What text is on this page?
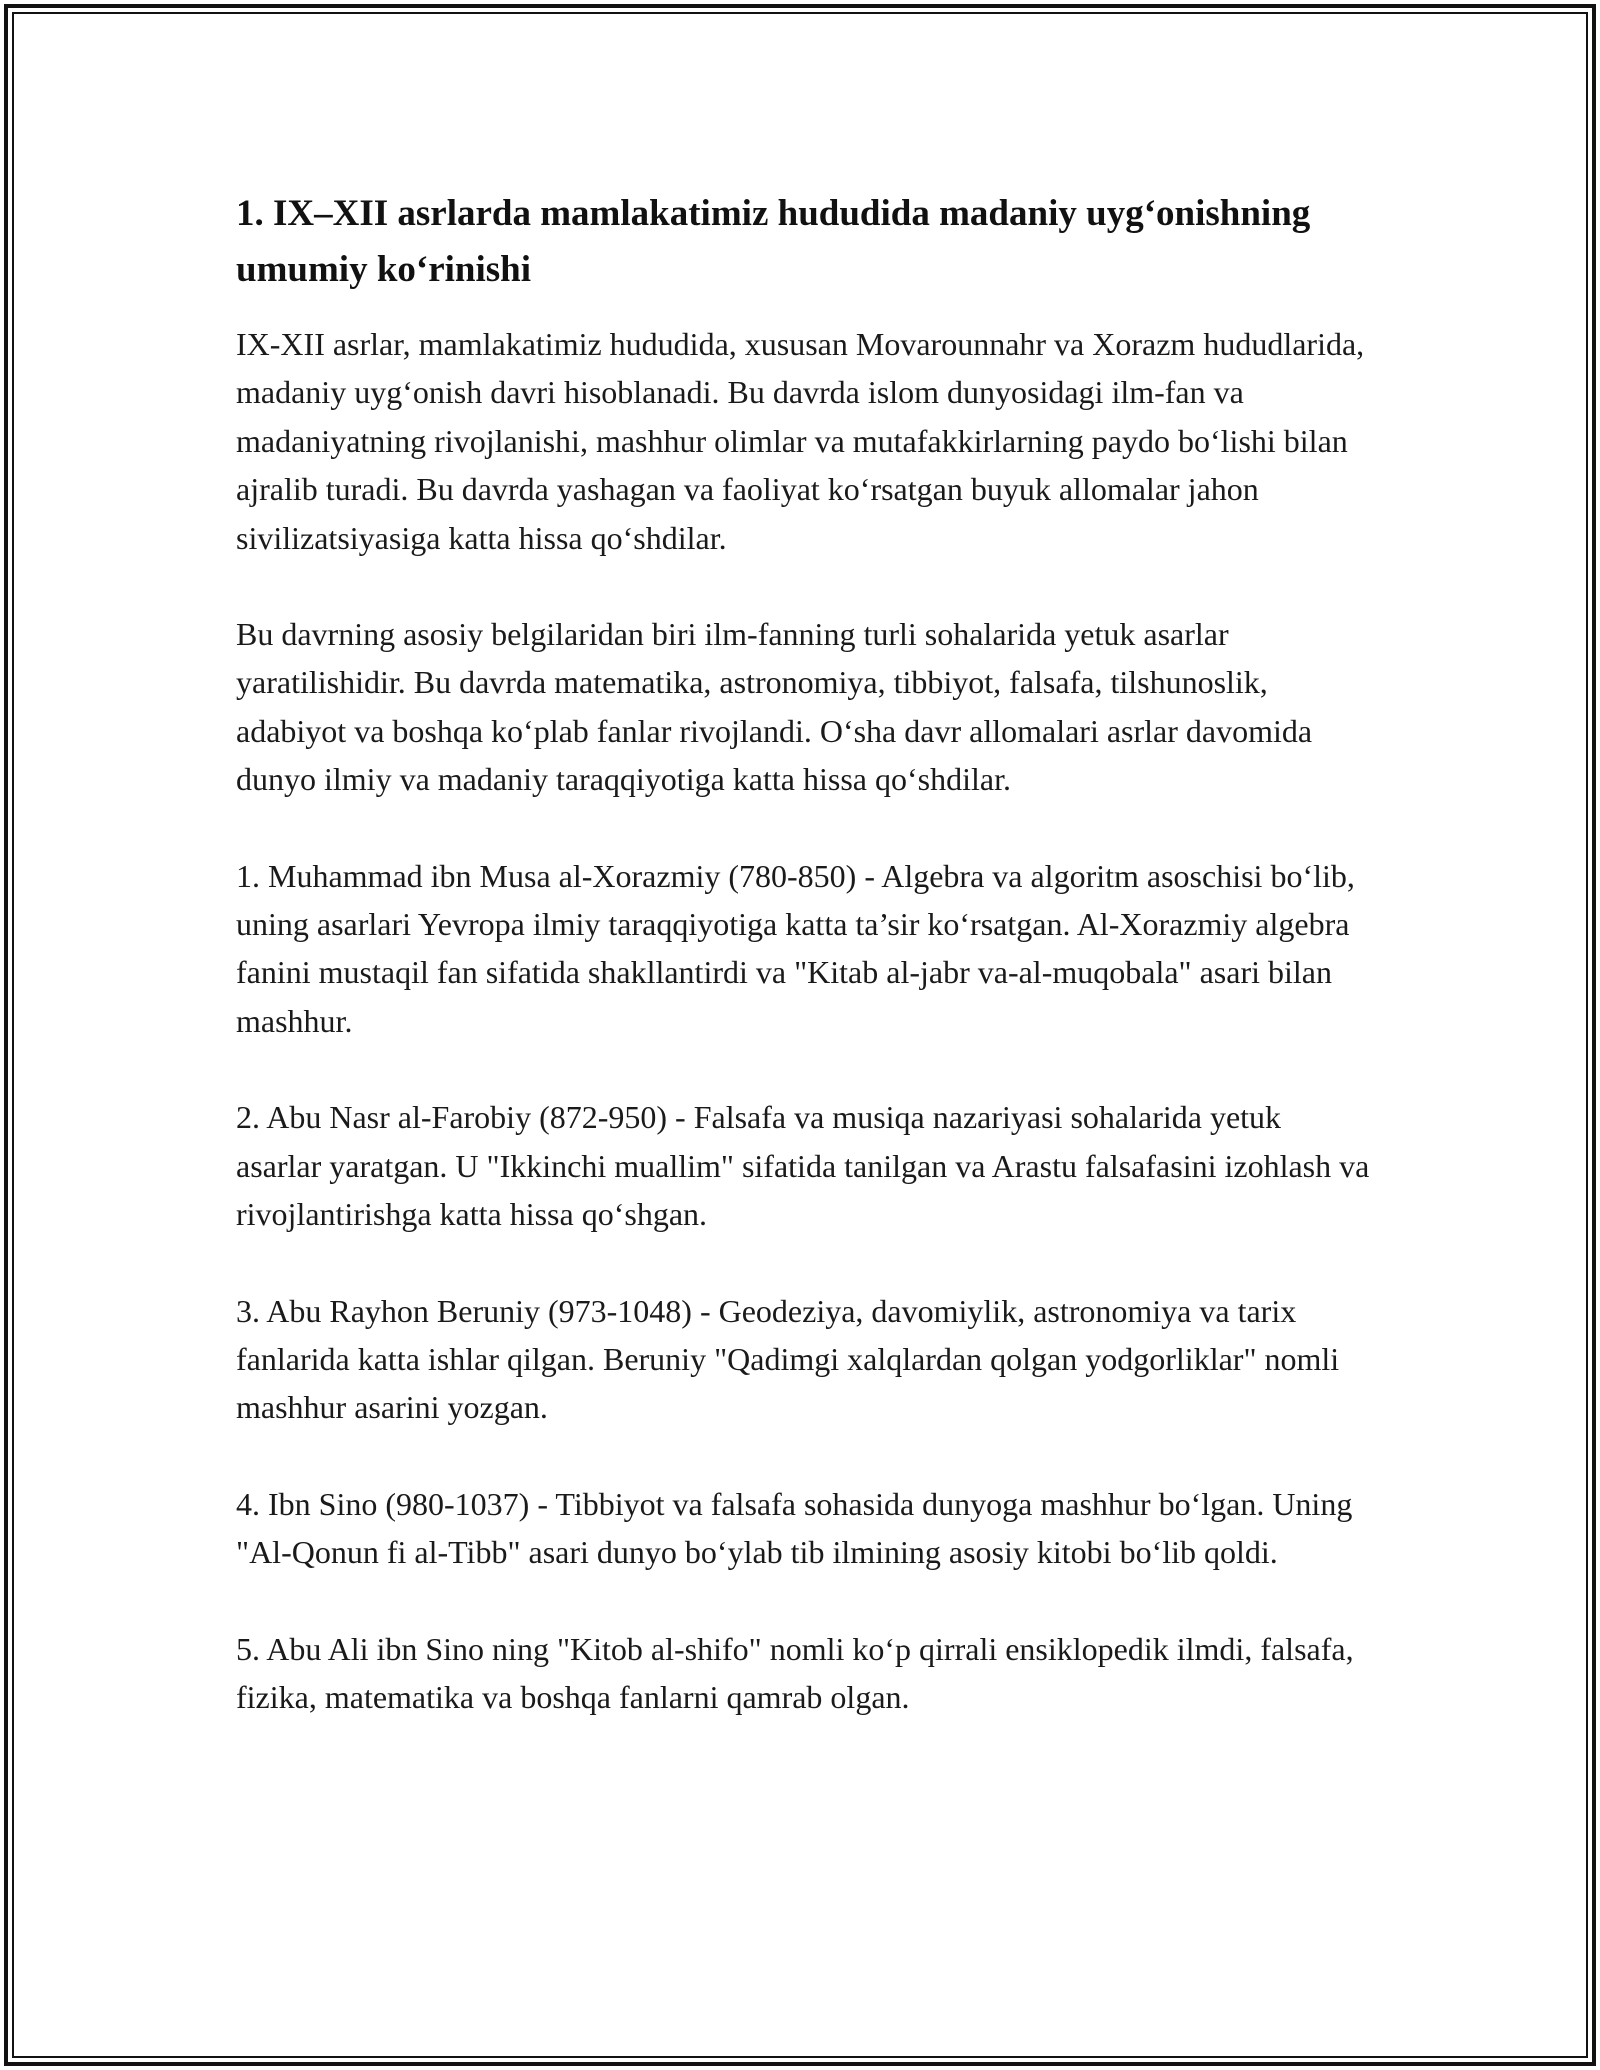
1. IX–XII asrlarda mamlakatimiz hududida madaniy uyg‘onishning umumiy ko‘rinishi

IX-XII asrlar, mamlakatimiz hududida, xususan Movarounnahr va Xorazm hududlarida, madaniy uyg‘onish davri hisoblanadi. Bu davrda islom dunyosidagi ilm-fan va madaniyatning rivojlanishi, mashhur olimlar va mutafakkirlarning paydo bo‘lishi bilan ajralib turadi. Bu davrda yashagan va faoliyat ko‘rsatgan buyuk allomalar jahon sivilizatsiyasiga katta hissa qo‘shdilar.

Bu davrning asosiy belgilaridan biri ilm-fanning turli sohalarida yetuk asarlar yaratilishidir. Bu davrda matematika, astronomiya, tibbiyot, falsafa, tilshunoslik, adabiyot va boshqa ko‘plab fanlar rivojlandi. O‘sha davr allomalari asrlar davomida dunyo ilmiy va madaniy taraqqiyotiga katta hissa qo‘shdilar.

1. Muhammad ibn Musa al-Xorazmiy (780-850) - Algebra va algoritm asoschisi bo‘lib, uning asarlari Yevropa ilmiy taraqqiyotiga katta ta’sir ko‘rsatgan. Al-Xorazmiy algebra fanini mustaqil fan sifatida shakllantirdi va "Kitab al-jabr va-al-muqobala" asari bilan mashhur.

2. Abu Nasr al-Farobiy (872-950) - Falsafa va musiqa nazariyasi sohalarida yetuk asarlar yaratgan. U "Ikkinchi muallim" sifatida tanilgan va Arastu falsafasini izohlash va rivojlantirishga katta hissa qo‘shgan.

3. Abu Rayhon Beruniy (973-1048) - Geodeziya, davomiylik, astronomiya va tarix fanlarida katta ishlar qilgan. Beruniy "Qadimgi xalqlardan qolgan yodgorliklar" nomli mashhur asarini yozgan.

4. Ibn Sino (980-1037) - Tibbiyot va falsafa sohasida dunyoga mashhur bo‘lgan. Uning "Al-Qonun fi al-Tibb" asari dunyo bo‘ylab tib ilmining asosiy kitobi bo‘lib qoldi.

5. Abu Ali ibn Sino ning "Kitob al-shifo" nomli ko‘p qirrali ensiklopedik ilmdi, falsafa, fizika, matematika va boshqa fanlarni qamrab olgan.
